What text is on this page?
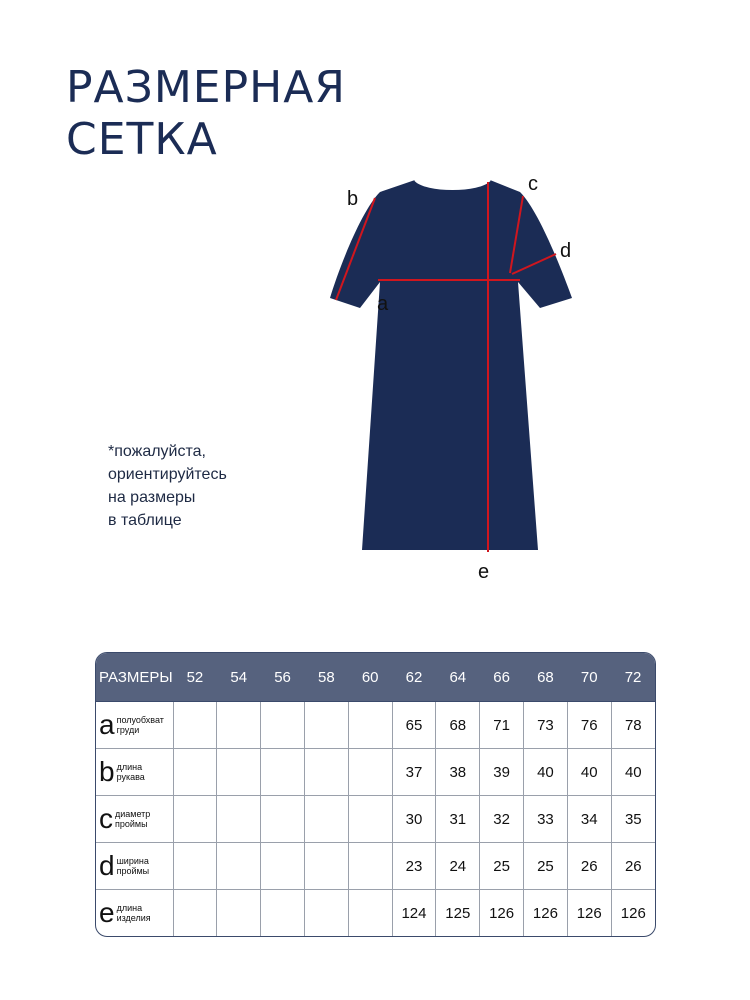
РАЗМЕРНАЯ
СЕТКА
b
a
c
d
e
*пожалуйста,
ориентируйтесь
на размеры
в таблице
РАЗМЕРЫ	52	54	56	58	60	62	64	66	68	70	72
a полуобхват
груди						65	68	71	73	76	78
b длина
рукава						37	38	39	40	40	40
c диаметр
проймы						30	31	32	33	34	35
d ширина
проймы						23	24	25	25	26	26
e длина
изделия						124	125	126	126	126	126
